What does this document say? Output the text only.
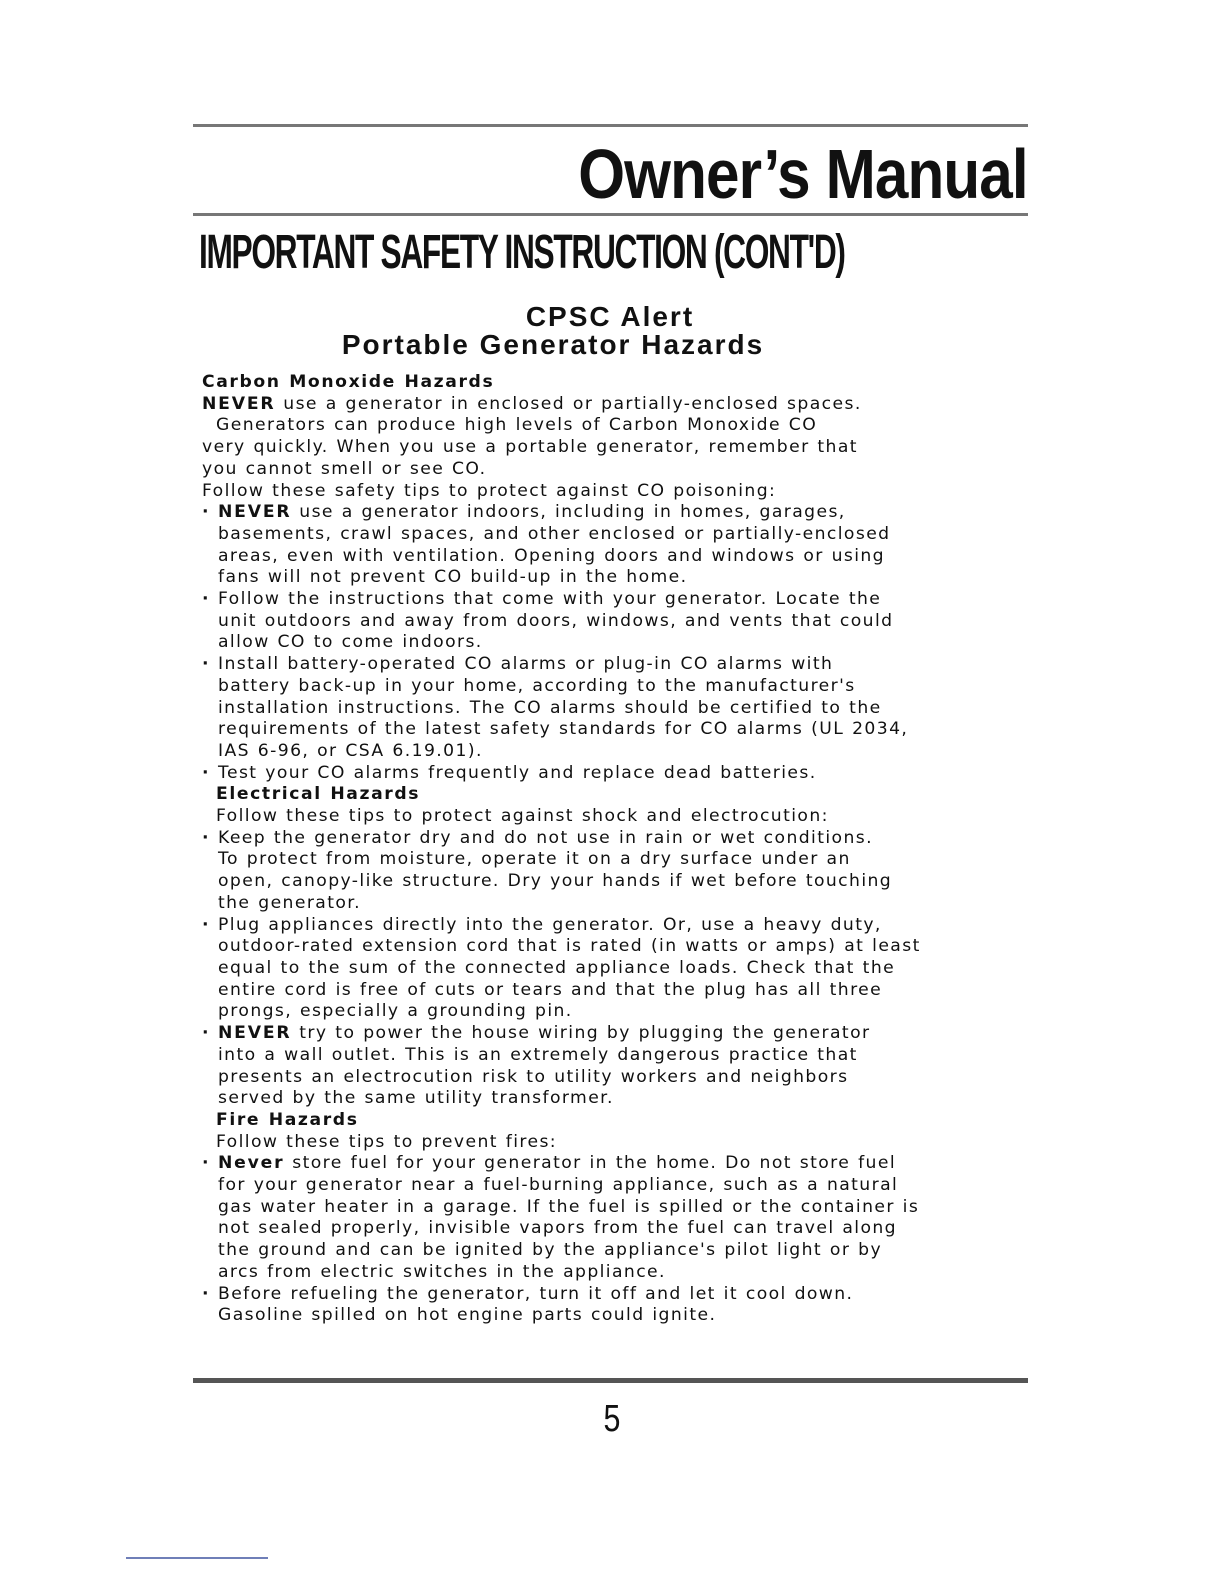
Owner’s Manual
IMPORTANT SAFETY INSTRUCTION (CONT'D)
CPSC Alert
Portable Generator Hazards
Carbon Monoxide Hazards
NEVER use a generator in enclosed or partially-enclosed spaces.
Generators can produce high levels of Carbon Monoxide CO
very quickly. When you use a portable generator, remember that
you cannot smell or see CO.
Follow these safety tips to protect against CO poisoning:

· NEVER use a generator indoors, including in homes, garages,

basements, crawl spaces, and other enclosed or partially-enclosed

areas, even with ventilation. Opening doors and windows or using

fans will not prevent CO build-up in the home.

· Follow the instructions that come with your generator. Locate the

unit outdoors and away from doors, windows, and vents that could

allow CO to come indoors.

· Install battery-operated CO alarms or plug-in CO alarms with

battery back-up in your home, according to the manufacturer's

installation instructions. The CO alarms should be certified to the

requirements of the latest safety standards for CO alarms (UL 2034,

IAS 6-96, or CSA 6.19.01).

· Test your CO alarms frequently and replace dead batteries.

Electrical Hazards
Follow these tips to protect against shock and electrocution:

· Keep the generator dry and do not use in rain or wet conditions.

To protect from moisture, operate it on a dry surface under an

open, canopy-like structure. Dry your hands if wet before touching

the generator.

· Plug appliances directly into the generator. Or, use a heavy duty,

outdoor-rated extension cord that is rated (in watts or amps) at least

equal to the sum of the connected appliance loads. Check that the

entire cord is free of cuts or tears and that the plug has all three

prongs, especially a grounding pin.

· NEVER try to power the house wiring by plugging the generator

into a wall outlet. This is an extremely dangerous practice that

presents an electrocution risk to utility workers and neighbors

served by the same utility transformer.

Fire Hazards
Follow these tips to prevent fires:

· Never store fuel for your generator in the home. Do not store fuel

for your generator near a fuel-burning appliance, such as a natural

gas water heater in a garage. If the fuel is spilled or the container is

not sealed properly, invisible vapors from the fuel can travel along

the ground and can be ignited by the appliance's pilot light or by

arcs from electric switches in the appliance.

· Before refueling the generator, turn it off and let it cool down.

Gasoline spilled on hot engine parts could ignite.

5
